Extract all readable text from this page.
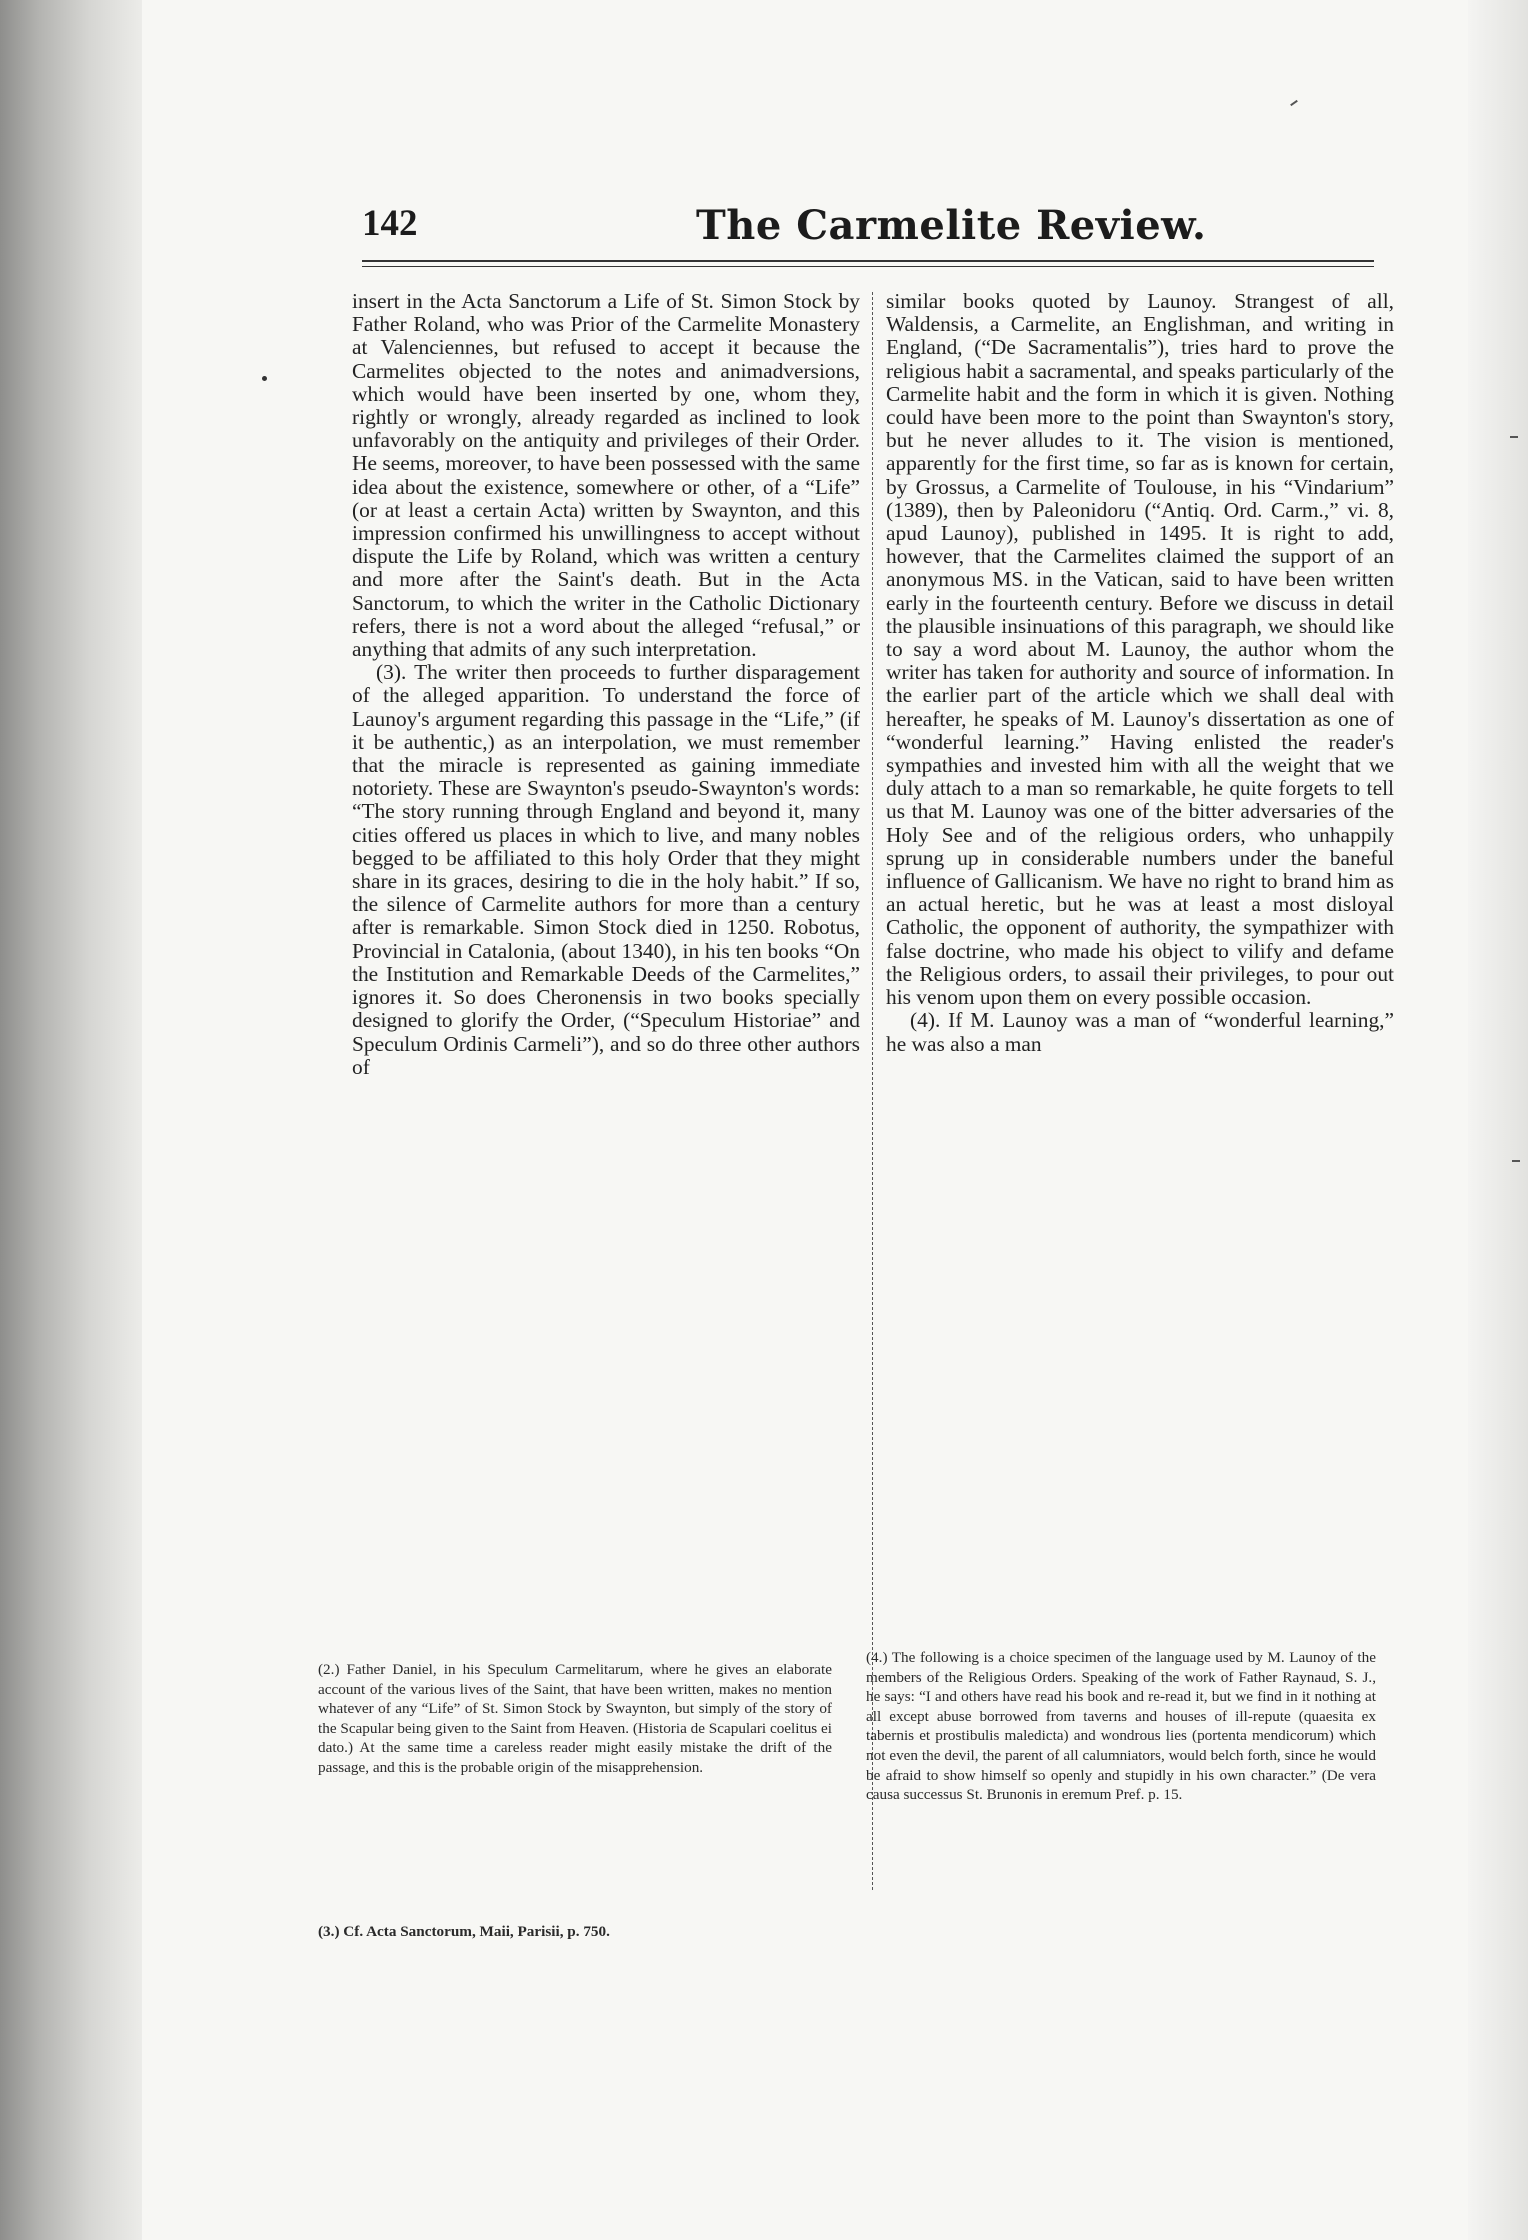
142	The Carmelite Review.

insert in the Acta Sanctorum a Life of St. Simon Stock by Father Roland, who was Prior of the Carmelite Monastery at Valenciennes, but refused to accept it because the Carmelites objected to the notes and animadversions, which would have been inserted by one, whom they, rightly or wrongly, already regarded as inclined to look unfavorably on the antiquity and privileges of their Order. He seems, moreover, to have been possessed with the same idea about the existence, somewhere or other, of a “Life” (or at least a certain Acta) written by Swaynton, and this impression confirmed his unwillingness to accept without dispute the Life by Roland, which was written a century and more after the Saint's death. But in the Acta Sanctorum, to which the writer in the Catholic Dictionary refers, there is not a word about the alleged “refusal,” or anything that admits of any such interpretation.

(3). The writer then proceeds to further disparagement of the alleged apparition. To understand the force of Launoy's argument regarding this passage in the “Life,” (if it be authentic,) as an interpolation, we must remember that the miracle is represented as gaining immediate notoriety. These are Swaynton's pseudo-Swaynton's words: “The story running through England and beyond it, many cities offered us places in which to live, and many nobles begged to be affiliated to this holy Order that they might share in its graces, desiring to die in the holy habit.” If so, the silence of Carmelite authors for more than a century after is remarkable. Simon Stock died in 1250. Robotus, Provincial in Catalonia, (about 1340), in his ten books “On the Institution and Remarkable Deeds of the Carmelites,” ignores it. So does Cheronensis in two books specially designed to glorify the Order, (“Speculum Historiae” and Speculum Ordinis Carmeli”), and so do three other authors of

similar books quoted by Launoy. Strangest of all, Waldensis, a Carmelite, an Englishman, and writing in England, (“De Sacramentalis”), tries hard to prove the religious habit a sacramental, and speaks particularly of the Carmelite habit and the form in which it is given. Nothing could have been more to the point than Swaynton's story, but he never alludes to it. The vision is mentioned, apparently for the first time, so far as is known for certain, by Grossus, a Carmelite of Toulouse, in his “Vindarium” (1389), then by Paleonidoru (“Antiq. Ord. Carm.,” vi. 8, apud Launoy), published in 1495. It is right to add, however, that the Carmelites claimed the support of an anonymous MS. in the Vatican, said to have been written early in the fourteenth century. Before we discuss in detail the plausible insinuations of this paragraph, we should like to say a word about M. Launoy, the author whom the writer has taken for authority and source of information. In the earlier part of the article which we shall deal with hereafter, he speaks of M. Launoy's dissertation as one of “wonderful learning.” Having enlisted the reader's sympathies and invested him with all the weight that we duly attach to a man so remarkable, he quite forgets to tell us that M. Launoy was one of the bitter adversaries of the Holy See and of the religious orders, who unhappily sprung up in considerable numbers under the baneful influence of Gallicanism. We have no right to brand him as an actual heretic, but he was at least a most disloyal Catholic, the opponent of authority, the sympathizer with false doctrine, who made his object to vilify and defame the Religious orders, to assail their privileges, to pour out his venom upon them on every possible occasion.

(4). If M. Launoy was a man of “wonderful learning,” he was also a man

(2.) Father Daniel, in his Speculum Carmelitarum, where he gives an elaborate account of the various lives of the Saint, that have been written, makes no mention whatever of any “Life” of St. Simon Stock by Swaynton, but simply of the story of the Scapular being given to the Saint from Heaven. (Historia de Scapulari coelitus ei dato.) At the same time a careless reader might easily mistake the drift of the passage, and this is the probable origin of the misapprehension.

(3.) Cf. Acta Sanctorum, Maii, Parisii, p. 750.

(4.) The following is a choice specimen of the language used by M. Launoy of the members of the Religious Orders. Speaking of the work of Father Raynaud, S. J., he says: “I and others have read his book and re-read it, but we find in it nothing at all except abuse borrowed from taverns and houses of ill-repute (quaesita ex tabernis et prostibulis maledicta) and wondrous lies (portenta mendicorum) which not even the devil, the parent of all calumniators, would belch forth, since he would be afraid to show himself so openly and stupidly in his own character.” (De vera causa successus St. Brunonis in eremum Pref. p. 15.
